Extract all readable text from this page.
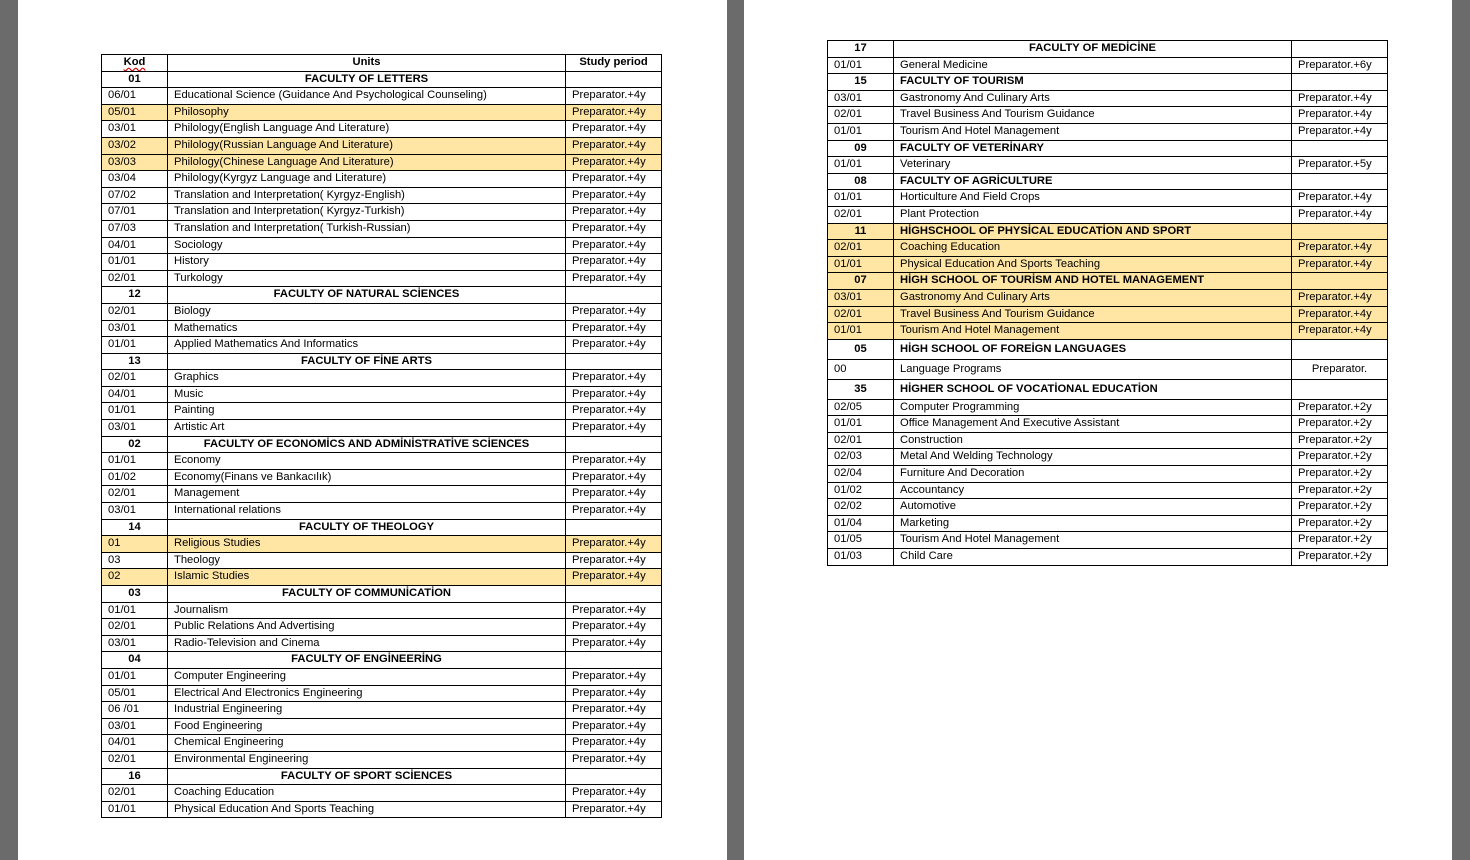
Kod	Units	Study period
01	FACULTY OF LETTERS	
06/01	Educational Science (Guidance And Psychological Counseling)	Preparator.+4y
05/01	Philosophy	Preparator.+4y
03/01	Philology(English Language And Literature)	Preparator.+4y
03/02	Philology(Russian Language And Literature)	Preparator.+4y
03/03	Philology(Chinese Language And Literature)	Preparator.+4y
03/04	Philology(Kyrgyz Language and Literature)	Preparator.+4y
07/02	Translation and Interpretation( Kyrgyz-English)	Preparator.+4y
07/01	Translation and Interpretation( Kyrgyz-Turkish)	Preparator.+4y
07/03	Translation and Interpretation( Turkish-Russian)	Preparator.+4y
04/01	Sociology	Preparator.+4y
01/01	History	Preparator.+4y
02/01	Turkology	Preparator.+4y
12	FACULTY OF NATURAL SCİENCES	
02/01	Biology	Preparator.+4y
03/01	Mathematics	Preparator.+4y
01/01	Applied Mathematics And Informatics	Preparator.+4y
13	FACULTY OF FİNE ARTS	
02/01	Graphics	Preparator.+4y
04/01	Music	Preparator.+4y
01/01	Painting	Preparator.+4y
03/01	Artistic Art	Preparator.+4y
02	FACULTY OF ECONOMİCS AND ADMİNİSTRATİVE SCİENCES	
01/01	Economy	Preparator.+4y
01/02	Economy(Finans ve Bankacılık)	Preparator.+4y
02/01	Management	Preparator.+4y
03/01	International relations	Preparator.+4y
14	FACULTY OF THEOLOGY	
01	Religious Studies	Preparator.+4y
03	Theology	Preparator.+4y
02	Islamic Studies	Preparator.+4y
03	FACULTY OF COMMUNİCATİON	
01/01	Journalism	Preparator.+4y
02/01	Public Relations And Advertising	Preparator.+4y
03/01	Radio-Television and Cinema	Preparator.+4y
04	FACULTY OF ENGİNEERİNG	
01/01	Computer Engineering	Preparator.+4y
05/01	Electrical And Electronics Engineering	Preparator.+4y
06 /01	Industrial Engineering	Preparator.+4y
03/01	Food Engineering	Preparator.+4y
04/01	Chemical Engineering	Preparator.+4y
02/01	Environmental Engineering	Preparator.+4y
16	FACULTY OF SPORT SCİENCES	
02/01	Coaching Education	Preparator.+4y
01/01	Physical Education And Sports Teaching	Preparator.+4y
17	FACULTY OF MEDİCİNE	
01/01	General Medicine	Preparator.+6y
15	FACULTY OF TOURISM	
03/01	Gastronomy And Culinary Arts	Preparator.+4y
02/01	Travel Business And Tourism Guidance	Preparator.+4y
01/01	Tourism And Hotel Management	Preparator.+4y
09	FACULTY OF VETERİNARY	
01/01	Veterinary	Preparator.+5y
08	FACULTY OF AGRİCULTURE	
01/01	Horticulture And Field Crops	Preparator.+4y
02/01	Plant Protection	Preparator.+4y
11	HİGHSCHOOL OF PHYSİCAL EDUCATİON AND SPORT	
02/01	Coaching Education	Preparator.+4y
01/01	Physical Education And Sports Teaching	Preparator.+4y
07	HİGH SCHOOL OF TOURİSM AND HOTEL MANAGEMENT	
03/01	Gastronomy And Culinary Arts	Preparator.+4y
02/01	Travel Business And Tourism Guidance	Preparator.+4y
01/01	Tourism And Hotel Management	Preparator.+4y
05	HİGH SCHOOL OF FOREİGN LANGUAGES	
00	Language Programs	Preparator.
35	HİGHER SCHOOL OF VOCATİONAL EDUCATİON	
02/05	Computer Programming	Preparator.+2y
01/01	Office Management And Executive Assistant	Preparator.+2y
02/01	Construction	Preparator.+2y
02/03	Metal And Welding Technology	Preparator.+2y
02/04	Furniture And Decoration	Preparator.+2y
01/02	Accountancy	Preparator.+2y
02/02	Automotive	Preparator.+2y
01/04	Marketing	Preparator.+2y
01/05	Tourism And Hotel Management	Preparator.+2y
01/03	Child Care	Preparator.+2y
